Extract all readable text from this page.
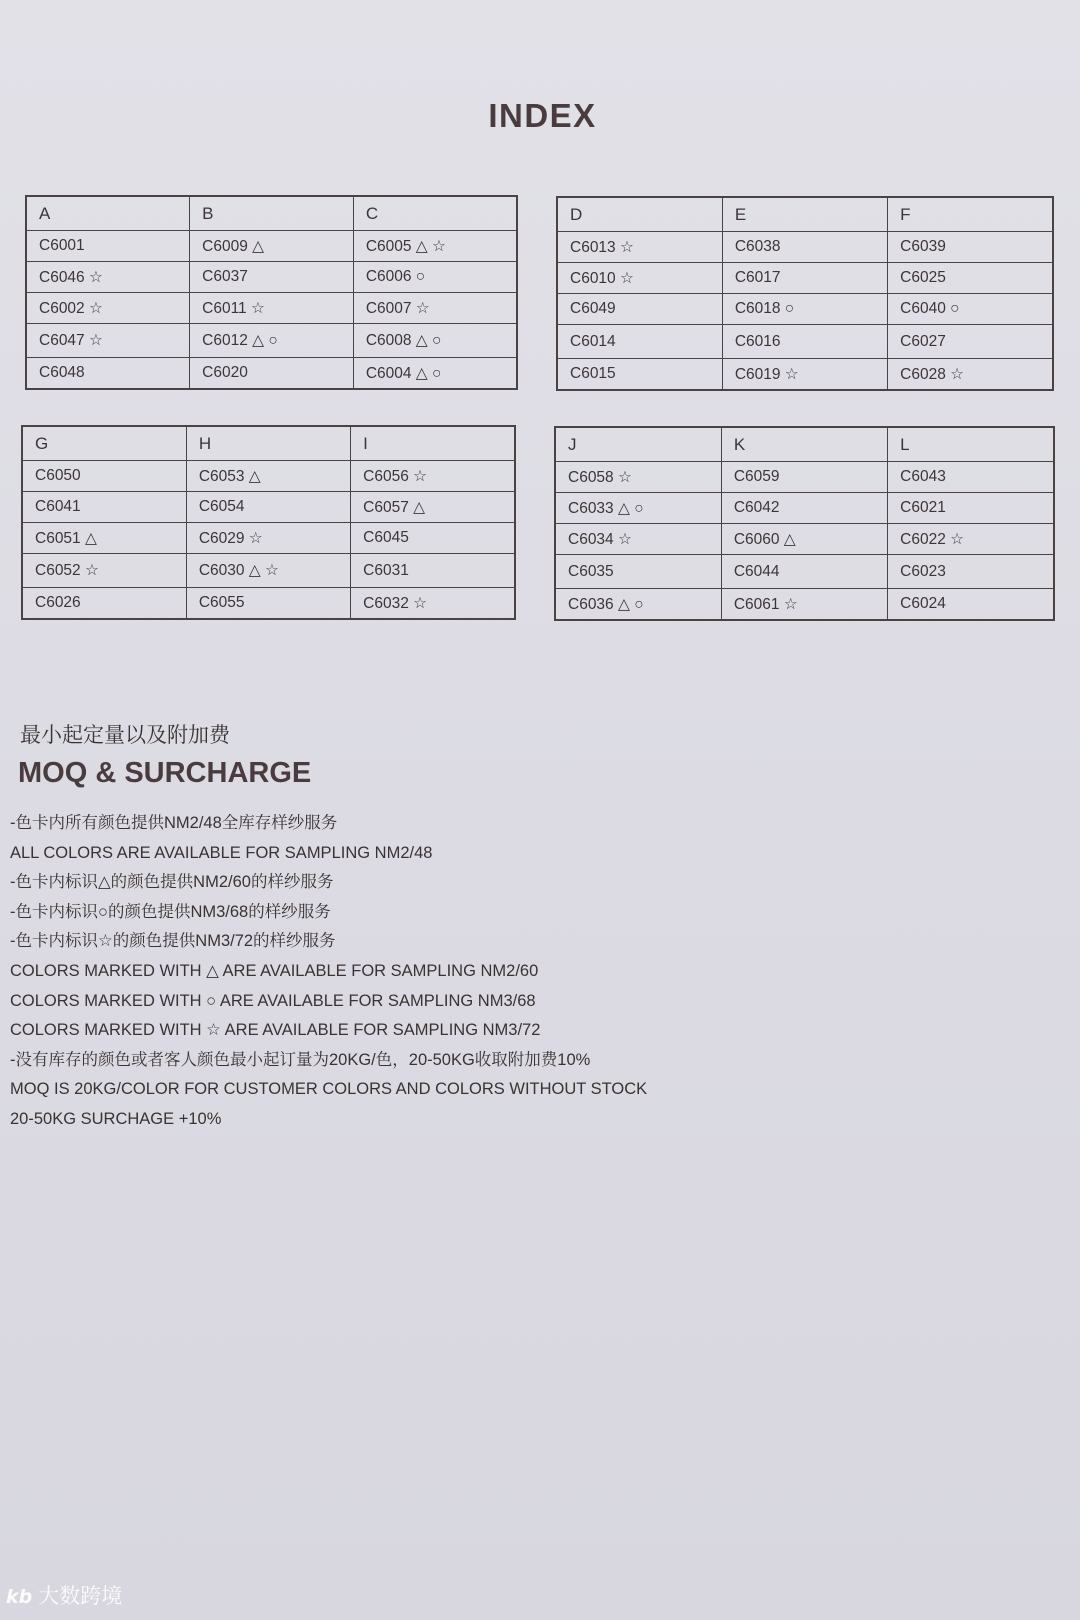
INDEX
A	B	C
C6001	C6009 △	C6005 △ ☆
C6046 ☆	C6037	C6006 ○
C6002 ☆	C6011 ☆	C6007 ☆
C6047 ☆	C6012 △ ○	C6008 △ ○
C6048	C6020	C6004 △ ○
D	E	F
C6013 ☆	C6038	C6039
C6010 ☆	C6017	C6025
C6049	C6018 ○	C6040 ○
C6014	C6016	C6027
C6015	C6019 ☆	C6028 ☆
G	H	I
C6050	C6053 △	C6056 ☆
C6041	C6054	C6057 △
C6051 △	C6029 ☆	C6045
C6052 ☆	C6030 △ ☆	C6031
C6026	C6055	C6032 ☆
J	K	L
C6058 ☆	C6059	C6043
C6033 △ ○	C6042	C6021
C6034 ☆	C6060 △	C6022 ☆
C6035	C6044	C6023
C6036 △ ○	C6061 ☆	C6024
最小起定量以及附加费
MOQ & SURCHARGE
-色卡内所有颜色提供NM2/48全库存样纱服务
ALL COLORS ARE AVAILABLE FOR SAMPLING NM2/48
-色卡内标识△的颜色提供NM2/60的样纱服务
-色卡内标识○的颜色提供NM3/68的样纱服务
-色卡内标识☆的颜色提供NM3/72的样纱服务
COLORS MARKED WITH △ ARE AVAILABLE FOR SAMPLING NM2/60
COLORS MARKED WITH ○ ARE AVAILABLE FOR SAMPLING NM3/68
COLORS MARKED WITH ☆ ARE AVAILABLE FOR SAMPLING NM3/72
-没有库存的颜色或者客人颜色最小起订量为20KG/色，20-50KG收取附加费10%
MOQ IS 20KG/COLOR FOR CUSTOMER COLORS AND COLORS WITHOUT STOCK
20-50KG SURCHAGE +10%
kb 大数跨境
